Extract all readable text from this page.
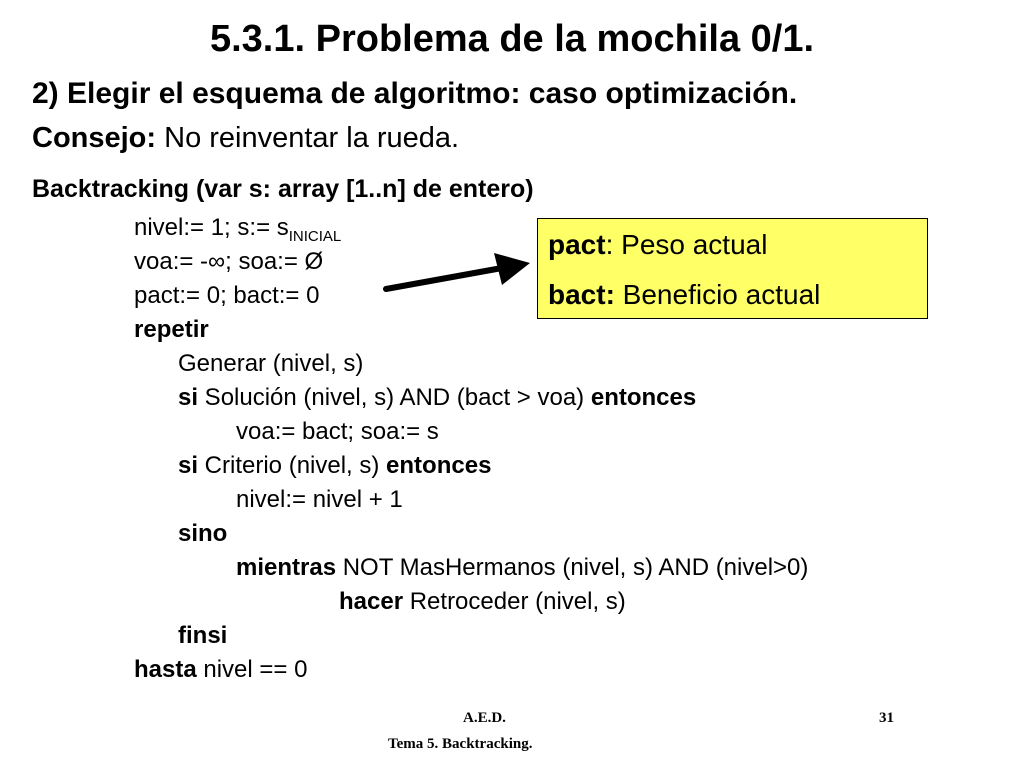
5.3.1. Problema de la mochila 0/1.
2) Elegir el esquema de algoritmo: caso optimización.
Consejo: No reinventar la rueda.
Backtracking (var s: array [1..n] de entero)
nivel:= 1; s:= $s_{INICIAL}$
voa:= -∞; soa:= Ø
pact:= 0; bact:= 0
repetir
Generar (nivel, s)
si Solución (nivel, s) AND (bact > voa) entonces
voa:= bact; soa:= s
si Criterio (nivel, s) entonces
nivel:= nivel + 1
sino
mientras NOT MasHermanos (nivel, s) AND (nivel>0)
hacer Retroceder (nivel, s)
finsi
hasta nivel == 0
pact: Peso actual
bact: Beneficio actual
A.E.D.
Tema 5. Backtracking.
31
